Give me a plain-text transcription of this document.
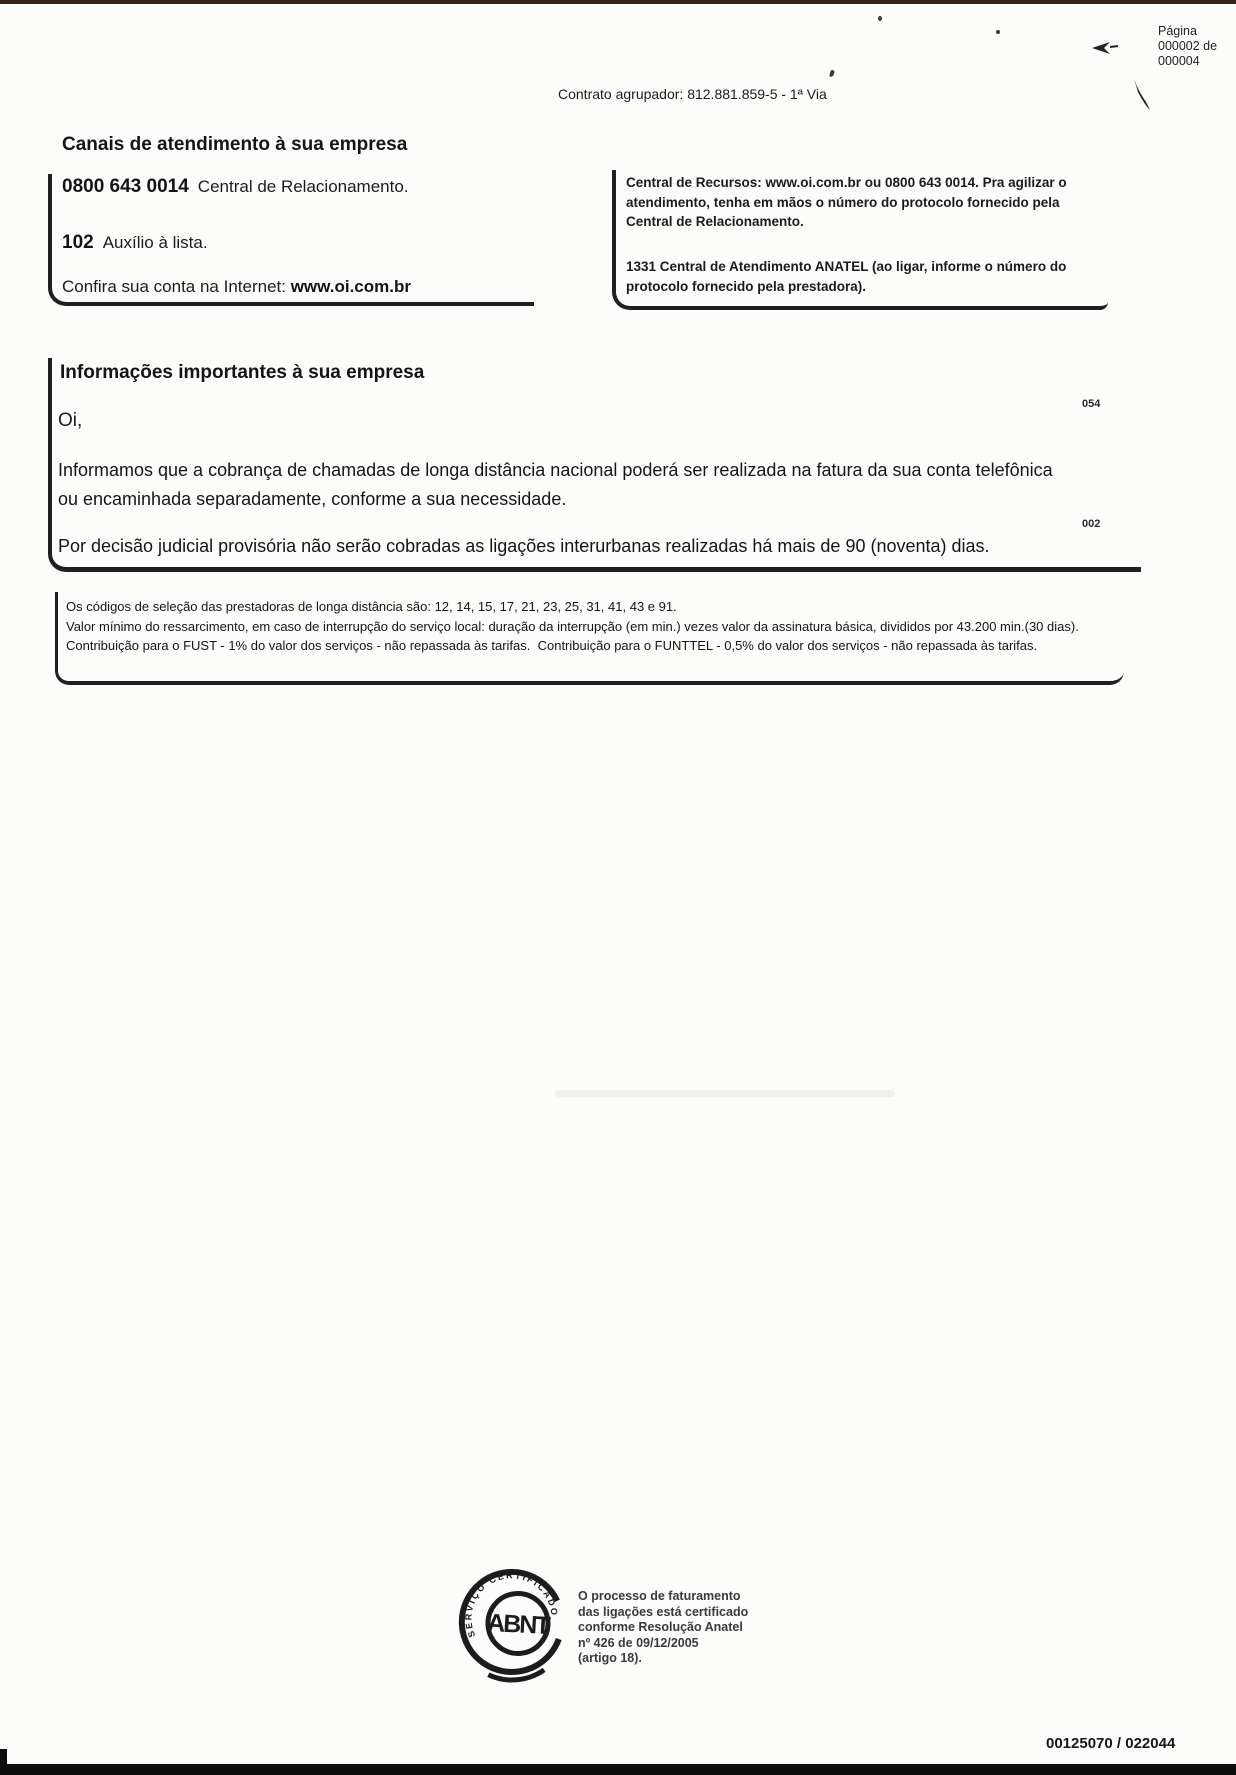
Contrato agrupador: 812.881.859-5 - 1ª Via
Página
000002 de
000004
Canais de atendimento à sua empresa
0800 643 0014 Central de Relacionamento.
102 Auxílio à lista.
Confira sua conta na Internet: www.oi.com.br
Central de Recursos: www.oi.com.br ou 0800 643 0014. Pra agilizar o atendimento, tenha em mãos o número do protocolo fornecido pela Central de Relacionamento.
1331 Central de Atendimento ANATEL (ao ligar, informe o número do protocolo fornecido pela prestadora).
Informações importantes à sua empresa
054
Oi,
Informamos que a cobrança de chamadas de longa distância nacional poderá ser realizada na fatura da sua conta telefônica ou encaminhada separadamente, conforme a sua necessidade.
002
Por decisão judicial provisória não serão cobradas as ligações interurbanas realizadas há mais de 90 (noventa) dias.
Os códigos de seleção das prestadoras de longa distância são: 12, 14, 15, 17, 21, 23, 25, 31, 41, 43 e 91.
Valor mínimo do ressarcimento, em caso de interrupção do serviço local: duração da interrupção (em min.) vezes valor da assinatura básica, divididos por 43.200 min.(30 dias).
Contribuição para o FUST - 1% do valor dos serviços - não repassada às tarifas.  Contribuição para o FUNTTEL - 0,5% do valor dos serviços - não repassada às tarifas.
SERVIÇO CERTIFICADO
ABNT
O processo de faturamento
das ligações está certificado
conforme Resolução Anatel
nº 426 de 09/12/2005
(artigo 18).
00125070 / 022044
